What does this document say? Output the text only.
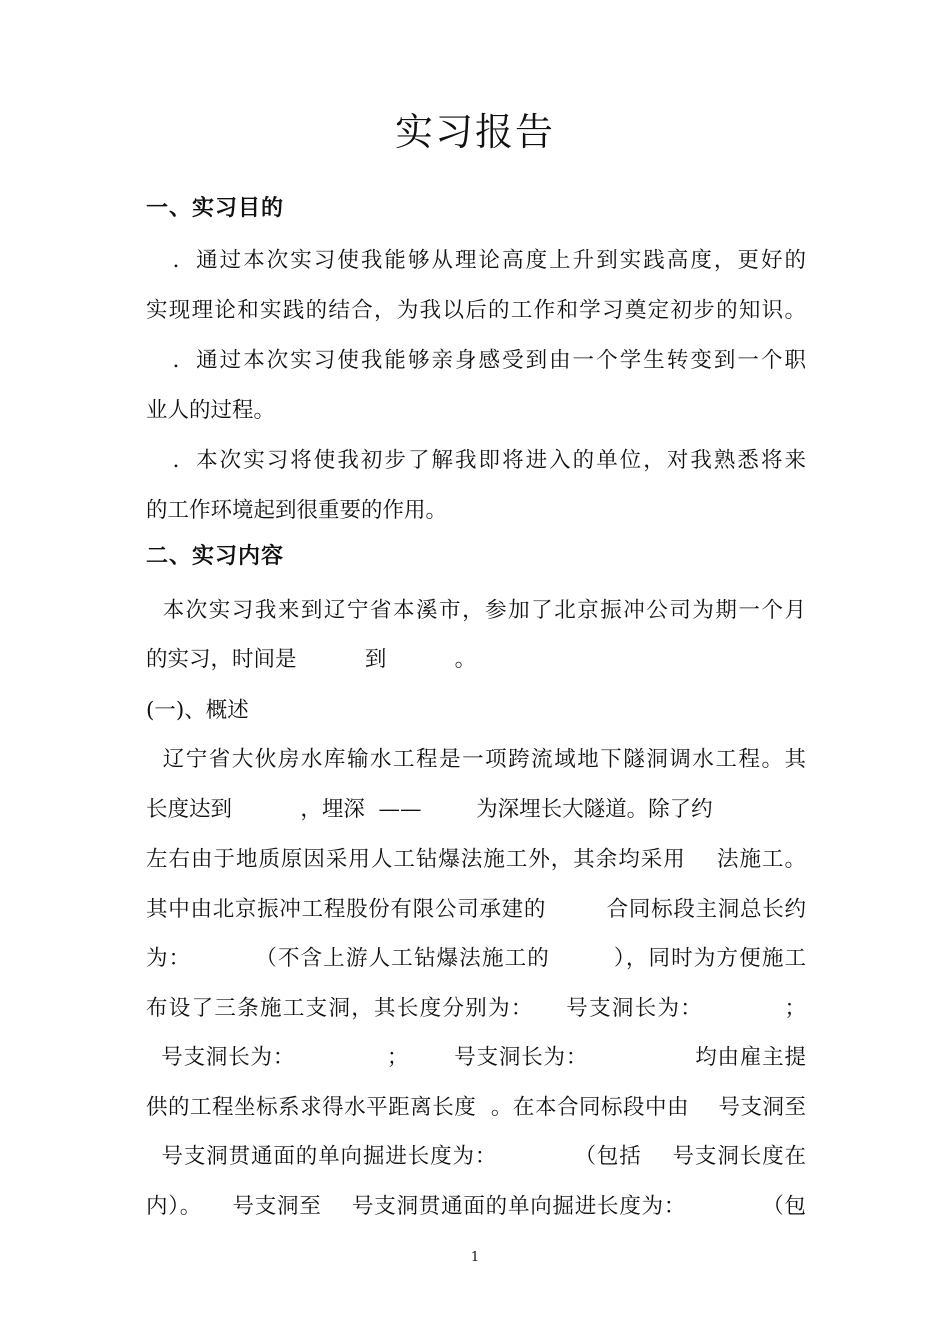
实习报告
一、实习目的
．通过本次实习使我能够从理论高度上升到实践高度，更好的
实现理论和实践的结合，为我以后的工作和学习奠定初步的知识。
．通过本次实习使我能够亲身感受到由一个学生转变到一个职
业人的过程。
．本次实习将使我初步了解我即将进入的单位，对我熟悉将来
的工作环境起到很重要的作用。
二、实习内容
本次实习我来到辽宁省本溪市，参加了北京振冲公司为期一个月
的实习，时间是          到          。
(一)、概述
辽宁省大伙房水库输水工程是一项跨流域地下隧洞调水工程。其
长度达到          ，埋深  ——        为深埋长大隧道。除了约
左右由于地质原因采用人工钻爆法施工外，其余均采用    法施工。
其中由北京振冲工程股份有限公司承建的        合同标段主洞总长约
为：        （不含上游人工钻爆法施工的        ），同时为方便施工
布设了三条施工支洞，其长度分别为：    号支洞长为：          ；
号支洞长为：            ；      号支洞长为：              均由雇主提
供的工程坐标系求得水平距离长度  。在本合同标段中由    号支洞至
号支洞贯通面的单向掘进长度为：          （包括    号支洞长度在
内）。    号支洞至    号支洞贯通面的单向掘进长度为：          （包
1
